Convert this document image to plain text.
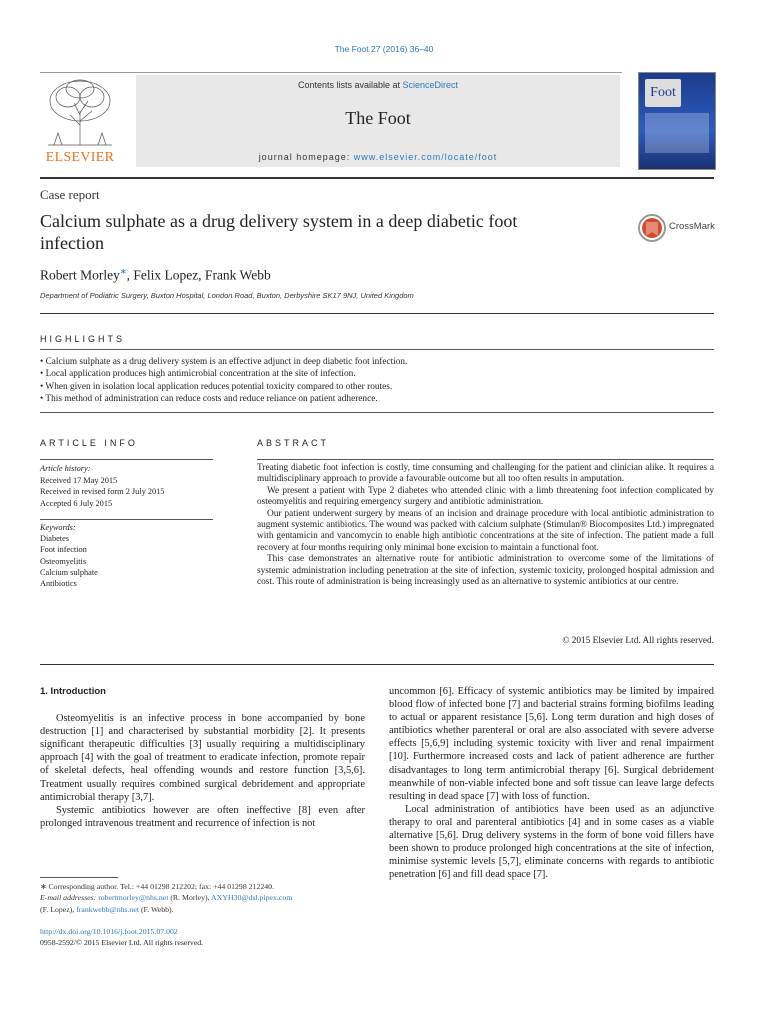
The Foot 27 (2016) 36–40
ELSEVIER
Contents lists available at ScienceDirect
The Foot
journal homepage: www.elsevier.com/locate/foot
Foot
Case report
Calcium sulphate as a drug delivery system in a deep diabetic foot infection
CrossMark
Robert Morley∗, Felix Lopez, Frank Webb
Department of Podiatric Surgery, Buxton Hospital, London Road, Buxton, Derbyshire SK17 9NJ, United Kingdom
HIGHLIGHTS
• Calcium sulphate as a drug delivery system is an effective adjunct in deep diabetic foot infection.
• Local application produces high antimicrobial concentration at the site of infection.
• When given in isolation local application reduces potential toxicity compared to other routes.
• This method of administration can reduce costs and reduce reliance on patient adherence.
ARTICLE INFO	ABSTRACT
Article history:
Received 17 May 2015
Received in revised form 2 July 2015
Accepted 6 July 2015
Keywords:
Diabetes
Foot infection
Osteomyelitis
Calcium sulphate
Antibiotics

Treating diabetic foot infection is costly, time consuming and challenging for the patient and clinician alike. It requires a multidisciplinary approach to provide a favourable outcome but all too often results in amputation.

We present a patient with Type 2 diabetes who attended clinic with a limb threatening foot infection complicated by osteomyelitis and requiring emergency surgery and antibiotic administration.

Our patient underwent surgery by means of an incision and drainage procedure with local antibiotic administration to augment systemic antibiotics. The wound was packed with calcium sulphate (Stimulan® Biocomposites Ltd.) impregnated with gentamicin and vancomycin to enable high antibiotic concentrations at the site of infection. The patient made a full recovery at four months requiring only minimal bone excision to maintain a functional foot.

This case demonstrates an alternative route for antibiotic administration to overcome some of the limitations of systemic administration including penetration at the site of infection, systemic toxicity, prolonged hospital admission and cost. This route of administration is being increasingly used as an alternative to systemic antibiotics at our centre.

© 2015 Elsevier Ltd. All rights reserved.
1. Introduction

Osteomyelitis is an infective process in bone accompanied by bone destruction [1] and characterised by substantial morbidity [2]. It presents significant therapeutic difficulties [3] usually requiring a multidisciplinary approach [4] with the goal of treatment to eradicate infection, promote repair of skeletal defects, heal offending wounds and restore function [3,5,6]. Treatment usually requires combined surgical debridement and appropriate antimicrobial therapy [3,7].

Systemic antibiotics however are often ineffective [8] even after prolonged intravenous treatment and recurrence of infection is not

uncommon [6]. Efficacy of systemic antibiotics may be limited by impaired blood flow of infected bone [7] and bacterial strains forming biofilms leading to actual or apparent resistance [5,6]. Long term duration and high doses of antibiotics whether parenteral or oral are also associated with severe adverse effects [5,6,9] including systemic toxicity with liver and renal impairment [10]. Furthermore increased costs and lack of patient adherence are further disadvantages to long term antimicrobial therapy [6]. Surgical debridement meanwhile of non-viable infected bone and soft tissue can leave large defects resulting in dead space [7] with loss of function.

Local administration of antibiotics have been used as an adjunctive therapy to oral and parenteral antibiotics [4] and in some cases as a viable alternative [5,6]. Drug delivery systems in the form of bone void fillers have been shown to produce prolonged high concentrations at the site of infection, minimise systemic levels [5,7], eliminate concerns with regards to antibiotic penetration [6] and fill dead space [7].

∗ Corresponding author. Tel.: +44 01298 212202; fax: +44 01298 212240.
E-mail addresses: robertmorley@nhs.net (R. Morley), AXYH30@dsl.pipex.com
(F. Lopez), frankwebb@nhs.net (F. Webb).
http://dx.doi.org/10.1016/j.foot.2015.07.002
0958-2592/© 2015 Elsevier Ltd. All rights reserved.
